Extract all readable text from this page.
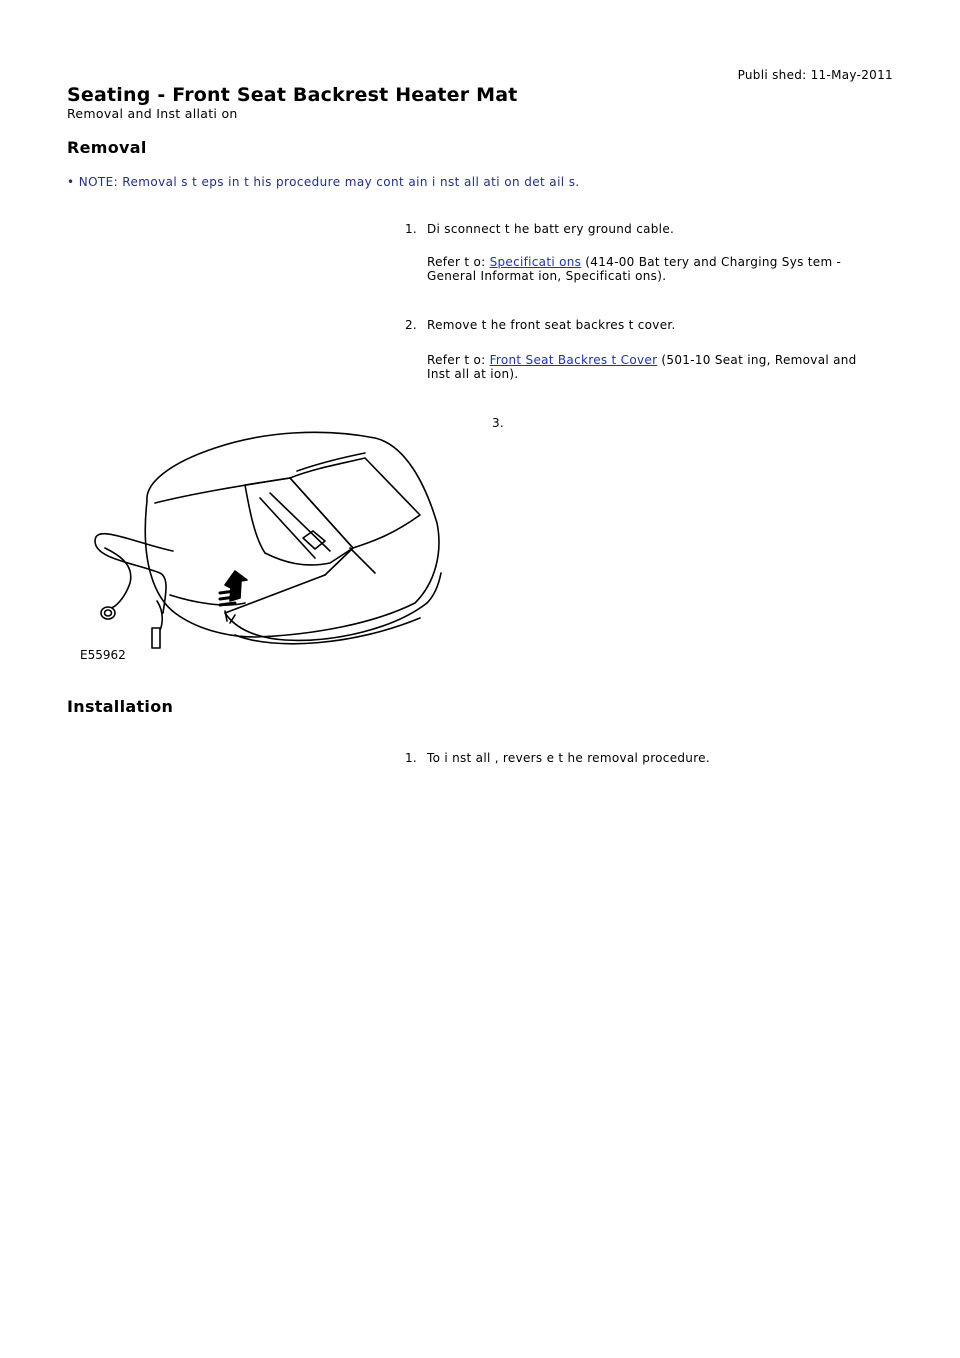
Publi shed: 11-May-2011
Seating - Front Seat Backrest Heater Mat
Removal and Inst allati on
Removal
• NOTE: Removal s t eps in t his procedure may cont ain i nst all ati on det ail s.
1. Di sconnect t he batt ery ground cable.
Refer t o: Specificati ons (414-00 Bat tery and Charging Sys tem - General Informat ion, Specificati ons).
2. Remove t he front seat backres t cover.
Refer t o: Front Seat Backres t Cover (501-10 Seat ing, Removal and Inst all at ion).
3.
E55962
Installation
1. To i nst all , revers e t he removal procedure.
